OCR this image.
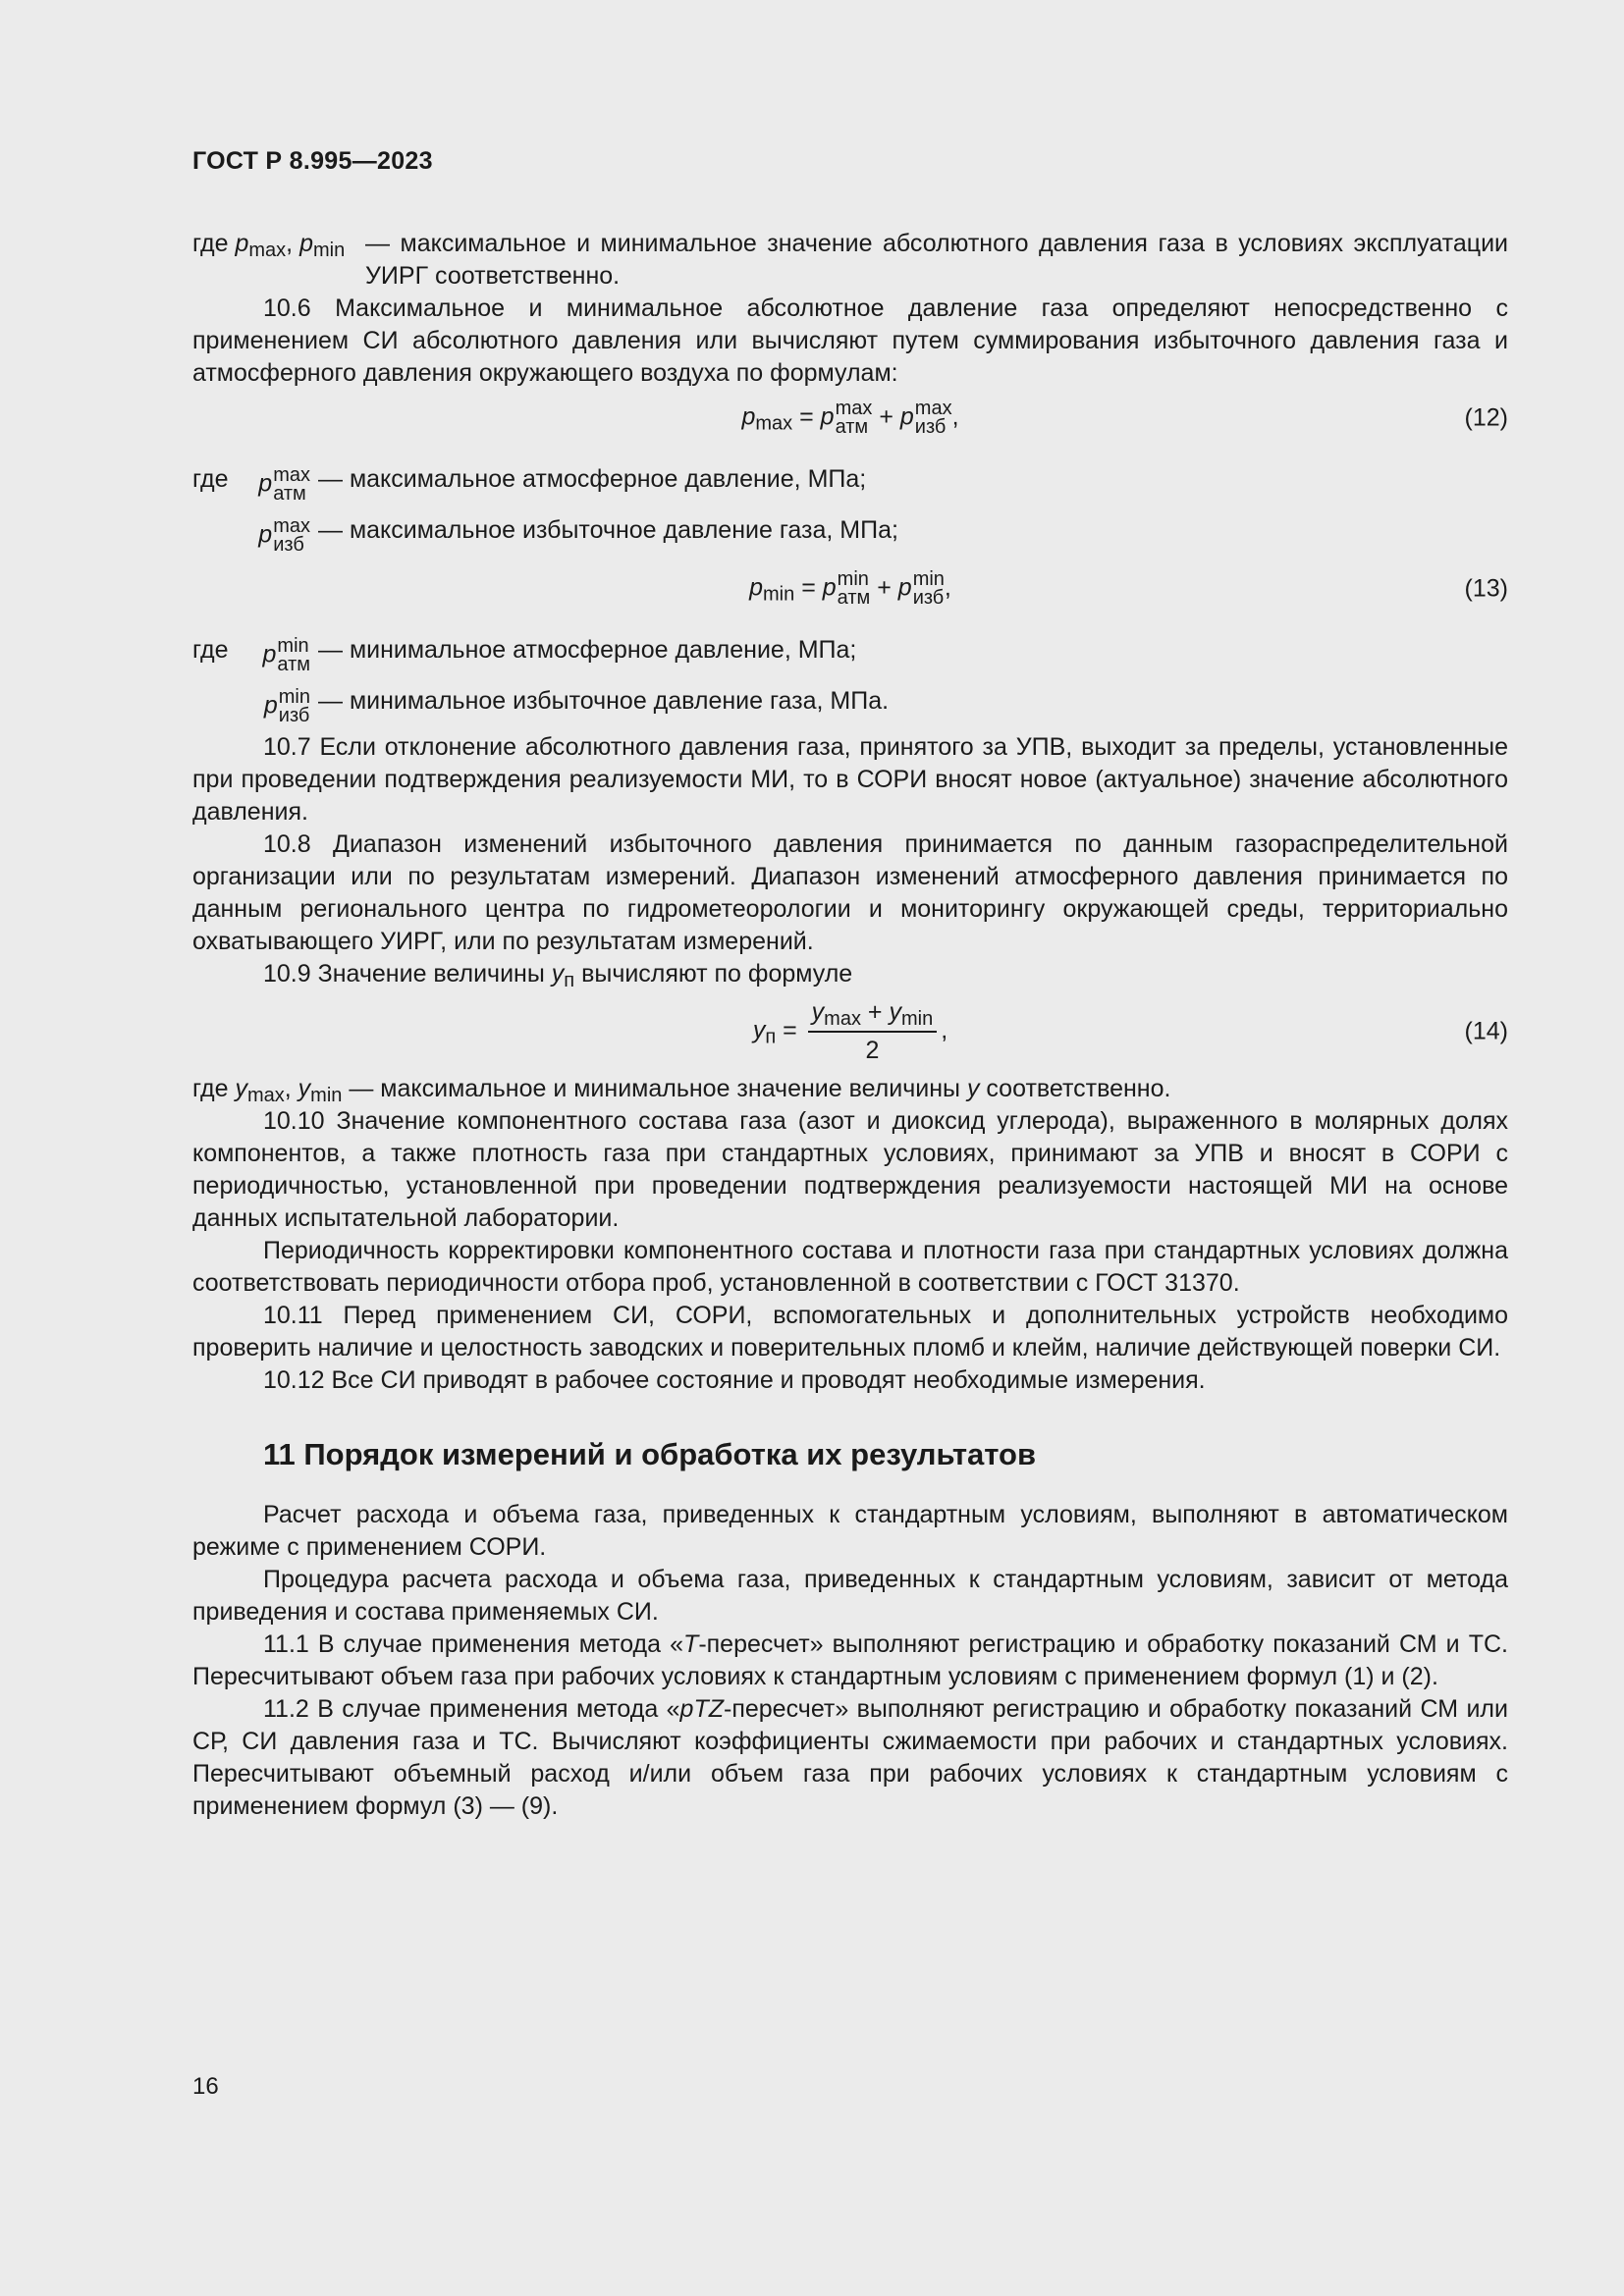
ГОСТ Р 8.995—2023
где $p_{max}$, $p_{min}$ — максимальное и минимальное значение абсолютного давления газа в условиях эксплуатации УИРГ соответственно.

10.6 Максимальное и минимальное абсолютное давление газа определяют непосредственно с применением СИ абсолютного давления или вычисляют путем суммирования избыточного давления газа и атмосферного давления окружающего воздуха по формулам:

$p_{max} = p$ max
атм + p max
изб ,	(12)
где	p max
атм
— максимальное атмосферное давление, МПа;
p max
изб
— максимальное избыточное давление газа, МПа;
$p_{min} = p$ min
атм + p min
изб ,	(13)
где	p min
атм
— минимальное атмосферное давление, МПа;
p min
изб
— минимальное избыточное давление газа, МПа.

10.7 Если отклонение абсолютного давления газа, принятого за УПВ, выходит за пределы, установленные при проведении подтверждения реализуемости МИ, то в СОРИ вносят новое (актуальное) значение абсолютного давления.

10.8 Диапазон изменений избыточного давления принимается по данным газораспределительной организации или по результатам измерений. Диапазон изменений атмосферного давления принимается по данным регионального центра по гидрометеорологии и мониторингу окружающей среды, территориально охватывающего УИРГ, или по результатам измерений.

10.9 Значение величины $y_п$ вычисляют по формуле

$y_п = \frac{y_{max} + y_{min}}{2}$ ,	(14)

где $y_{max}$, $y_{min}$ — максимальное и минимальное значение величины y соответственно.

10.10 Значение компонентного состава газа (азот и диоксид углерода), выраженного в молярных долях компонентов, а также плотность газа при стандартных условиях, принимают за УПВ и вносят в СОРИ с периодичностью, установленной при проведении подтверждения реализуемости настоящей МИ на основе данных испытательной лаборатории.

Периодичность корректировки компонентного состава и плотности газа при стандартных условиях должна соответствовать периодичности отбора проб, установленной в соответствии с ГОСТ 31370.

10.11 Перед применением СИ, СОРИ, вспомогательных и дополнительных устройств необходимо проверить наличие и целостность заводских и поверительных пломб и клейм, наличие действующей поверки СИ.

10.12 Все СИ приводят в рабочее состояние и проводят необходимые измерения.

11 Порядок измерений и обработка их результатов

Расчет расхода и объема газа, приведенных к стандартным условиям, выполняют в автоматическом режиме с применением СОРИ.

Процедура расчета расхода и объема газа, приведенных к стандартным условиям, зависит от метода приведения и состава применяемых СИ.

11.1 В случае применения метода «T-пересчет» выполняют регистрацию и обработку показаний СМ и ТС. Пересчитывают объем газа при рабочих условиях к стандартным условиям с применением формул (1) и (2).

11.2 В случае применения метода «pTZ-пересчет» выполняют регистрацию и обработку показаний СМ или СР, СИ давления газа и ТС. Вычисляют коэффициенты сжимаемости при рабочих и стандартных условиях. Пересчитывают объемный расход и/или объем газа при рабочих условиях к стандартным условиям с применением формул (3) — (9).

16
